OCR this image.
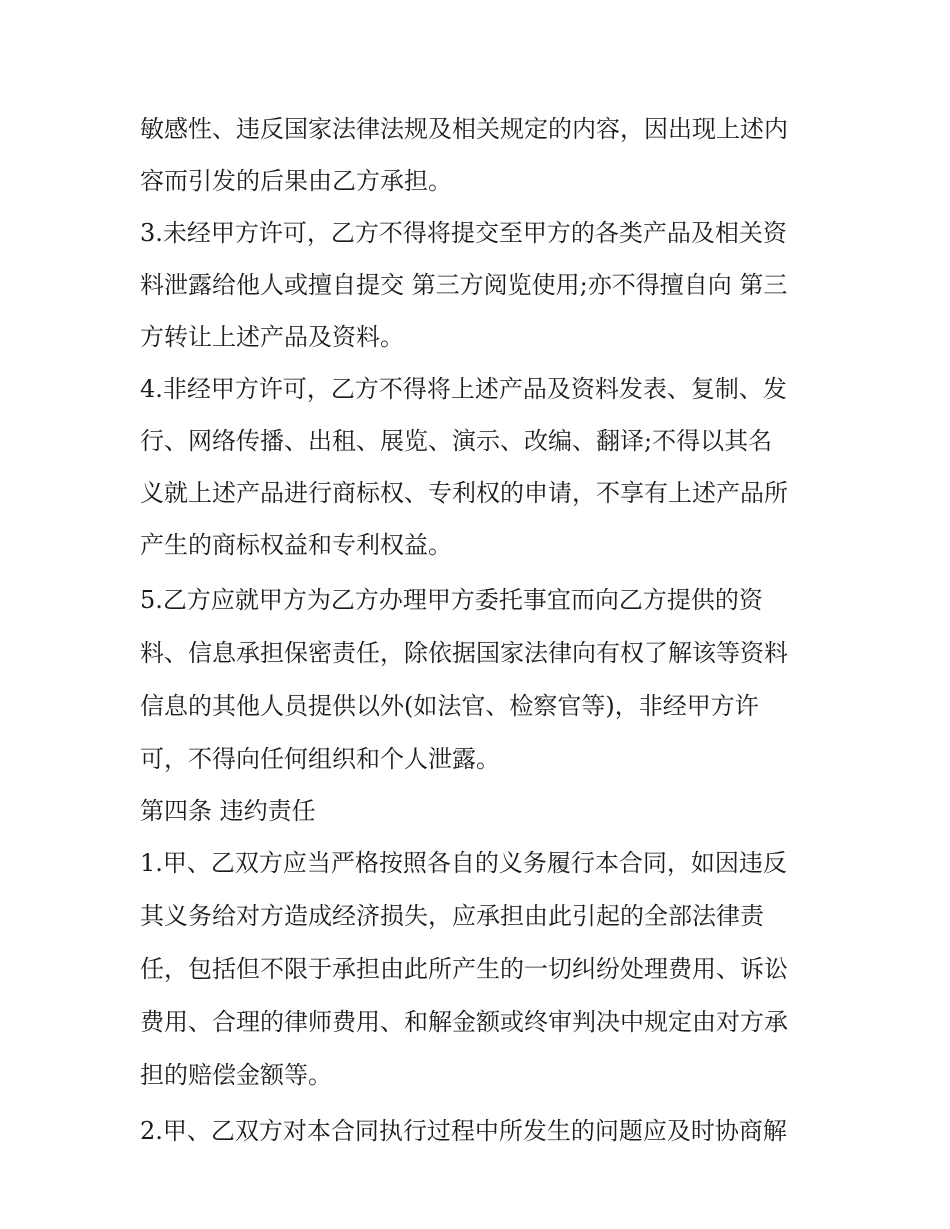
敏感性、违反国家法律法规及相关规定的内容，因出现上述内
容而引发的后果由乙方承担。
3.未经甲方许可，乙方不得将提交至甲方的各类产品及相关资
料泄露给他人或擅自提交 第三方阅览使用;亦不得擅自向 第三
方转让上述产品及资料。
4.非经甲方许可，乙方不得将上述产品及资料发表、复制、发
行、网络传播、出租、展览、演示、改编、翻译;不得以其名
义就上述产品进行商标权、专利权的申请，不享有上述产品所
产生的商标权益和专利权益。
5.乙方应就甲方为乙方办理甲方委托事宜而向乙方提供的资
料、信息承担保密责任，除依据国家法律向有权了解该等资料
信息的其他人员提供以外(如法官、检察官等)，非经甲方许
可，不得向任何组织和个人泄露。
第四条 违约责任
1.甲、乙双方应当严格按照各自的义务履行本合同，如因违反
其义务给对方造成经济损失，应承担由此引起的全部法律责
任，包括但不限于承担由此所产生的一切纠纷处理费用、诉讼
费用、合理的律师费用、和解金额或终审判决中规定由对方承
担的赔偿金额等。
2.甲、乙双方对本合同执行过程中所发生的问题应及时协商解
